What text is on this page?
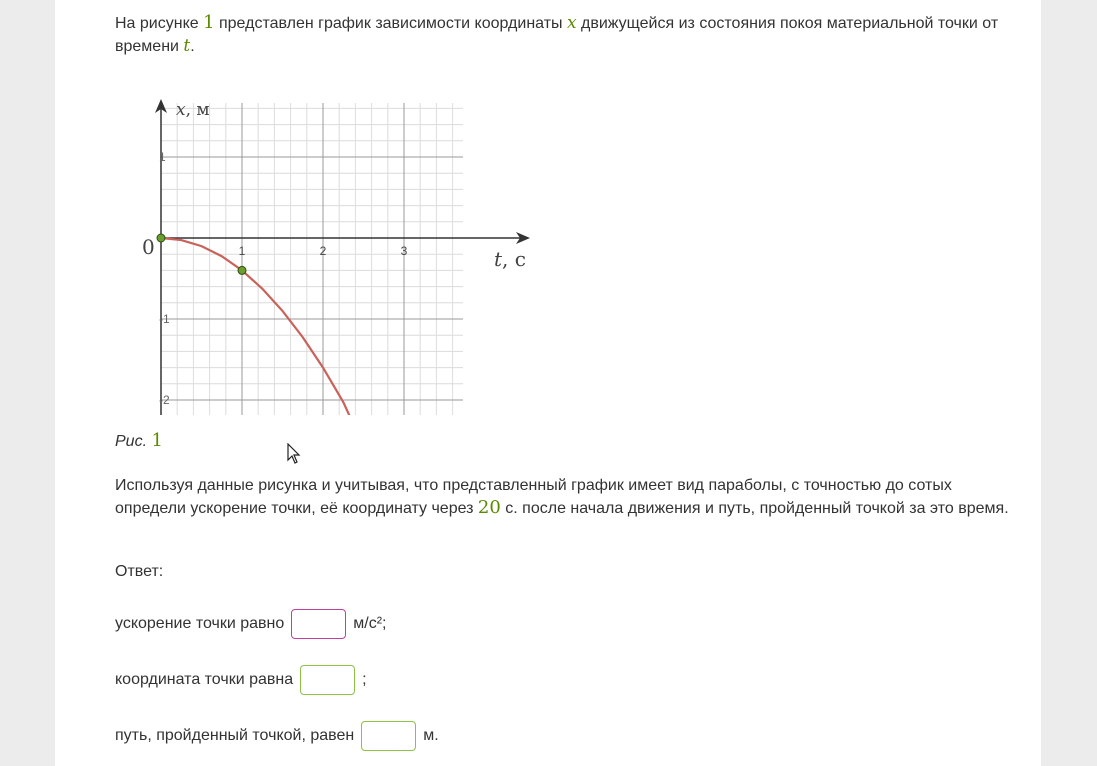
На рисунке 1 представлен график зависимости координаты x движущейся из состояния покоя материальной точки от времени t.
1	2	3
1
-1
-2
0
x, м
t, с
Рис. 1
Используя данные рисунка и учитывая, что представленный график имеет вид параболы, с точностью до сотых определи ускорение точки, её координату через 20 с. после начала движения и путь, пройденный точкой за это время.
Ответ:
ускорение точки равно	м/с²;
координата точки равна	;
путь, пройденный точкой, равен	м.
